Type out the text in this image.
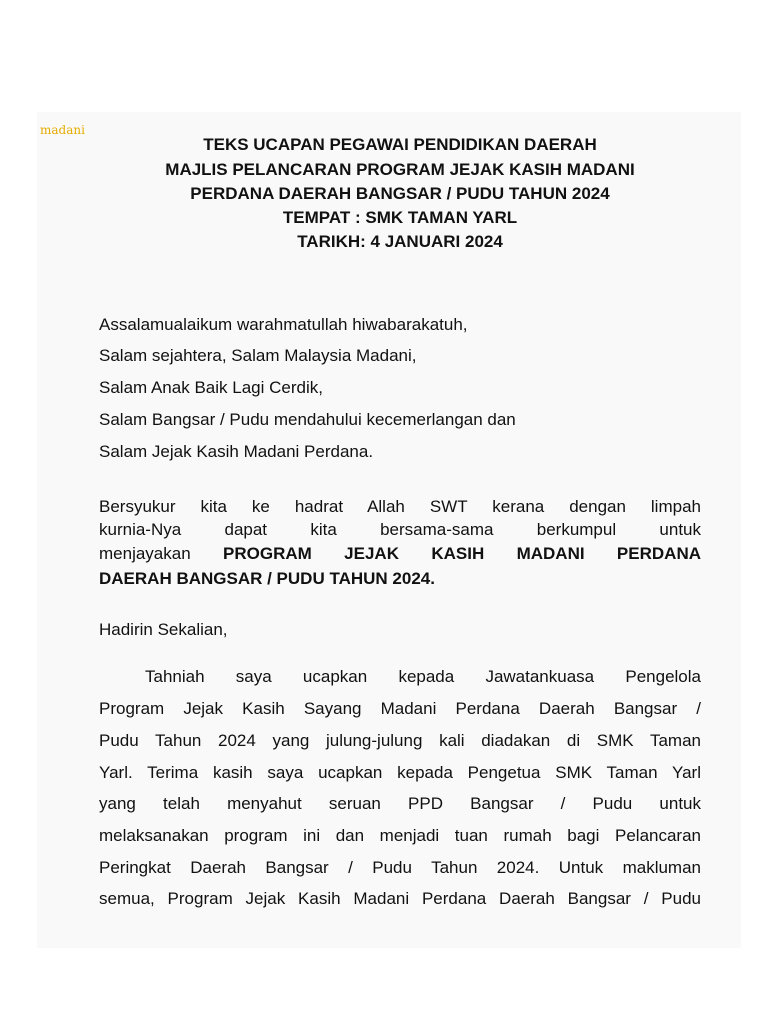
madani
TEKS UCAPAN PEGAWAI PENDIDIKAN DAERAH
MAJLIS PELANCARAN PROGRAM JEJAK KASIH MADANI
PERDANA DAERAH BANGSAR / PUDU TAHUN 2024
TEMPAT : SMK TAMAN YARL
TARIKH: 4 JANUARI 2024
Assalamualaikum warahmatullah hiwabarakatuh,
Salam sejahtera, Salam Malaysia Madani,
Salam Anak Baik Lagi Cerdik,
Salam Bangsar / Pudu mendahului kecemerlangan dan
Salam Jejak Kasih Madani Perdana.
Bersyukur kita ke hadrat Allah SWT kerana dengan limpah
kurnia-Nya dapat kita bersama-sama berkumpul untuk
menjayakan PROGRAM JEJAK KASIH MADANI PERDANA
DAERAH BANGSAR / PUDU TAHUN 2024.
Hadirin Sekalian,
Tahniah saya ucapkan kepada Jawatankuasa Pengelola
Program Jejak Kasih Sayang Madani Perdana Daerah Bangsar /
Pudu Tahun 2024 yang julung-julung kali diadakan di SMK Taman
Yarl. Terima kasih saya ucapkan kepada Pengetua SMK Taman Yarl
yang telah menyahut seruan PPD Bangsar / Pudu untuk
melaksanakan program ini dan menjadi tuan rumah bagi Pelancaran
Peringkat Daerah Bangsar / Pudu Tahun 2024. Untuk makluman
semua, Program Jejak Kasih Madani Perdana Daerah Bangsar / Pudu
